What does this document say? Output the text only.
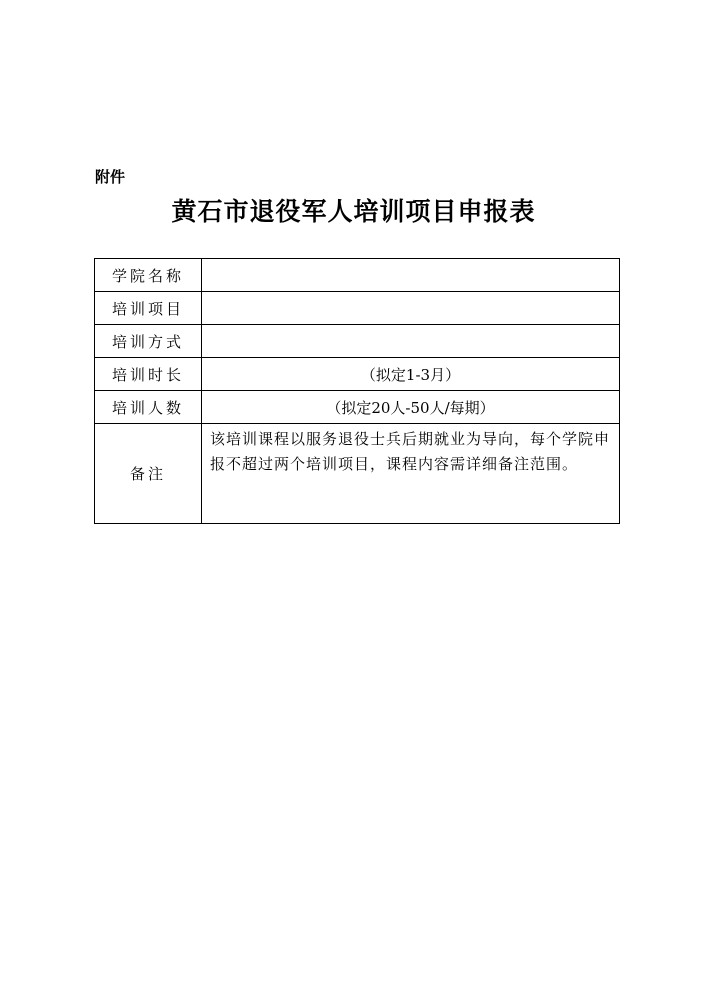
附件
黄石市退役军人培训项目申报表
学院名称	
培训项目	
培训方式	
培训时长	（拟定1-3月）
培训人数	（拟定20人-50人/每期）
备注	该培训课程以服务退役士兵后期就业为导向，每个学院申报不超过两个培训项目，课程内容需详细备注范围。
